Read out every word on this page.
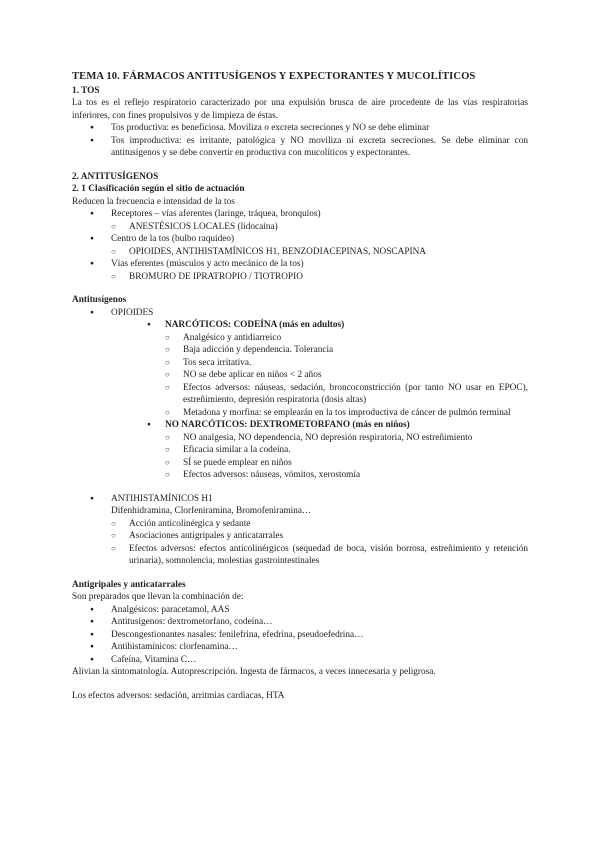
TEMA 10. FÁRMACOS ANTITUSÍGENOS Y EXPECTORANTES Y MUCOLÍTICOS
1. TOS
La tos es el reflejo respiratorio caracterizado por una expulsión brusca de aire procedente de las vías respiratorias inferiores, con fines propulsivos y de limpieza de éstas.
● Tos productiva: es beneficiosa. Moviliza o excreta secreciones y NO se debe eliminar
● Tos improductiva: es irritante, patológica y NO moviliza ni excreta secreciones. Se debe eliminar con antitusígenos y se debe convertir en productiva con mucolíticos y expectorantes.
2. ANTITUSÍGENOS
2. 1 Clasificación según el sitio de actuación
Reducen la frecuencia e intensidad de la tos
● Receptores – vías aferentes (laringe, tráquea, bronquios)
○ ANESTÉSICOS LOCALES (lidocaína)
● Centro de la tos (bulbo raquídeo)
○ OPIOIDES, ANTIHISTAMÍNICOS H1, BENZODIACEPINAS, NOSCAPINA
● Vías eferentes (músculos y acto mecánico de la tos)
○ BROMURO DE IPRATROPIO / TIOTROPIO
Antitusígenos
● OPIOIDES
● NARCÓTICOS: CODEÍNA (más en adultos)
○ Analgésico y antidiarreico
○ Baja adicción y dependencia. Tolerancia
○ Tos seca irritativa.
○ NO se debe aplicar en niños < 2 años
○ Efectos adversos: náuseas, sedación, broncoconstricción (por tanto NO usar en EPOC), estreñimiento, depresión respiratoria (dosis altas)
○ Metadona y morfina: se emplearán en la tos improductiva de cáncer de pulmón terminal
● NO NARCÓTICOS: DEXTROMETORFANO (más en niños)
○ NO analgesia, NO dependencia, NO depresión respiratoria, NO estreñimiento
○ Eficacia similar a la codeína.
○ SÍ se puede emplear en niños
○ Efectos adversos: náuseas, vómitos, xerostomía
● ANTIHISTAMÍNICOS H1
Difenhidramina, Clorfeniramina, Bromofeniramina…
○ Acción anticolinérgica y sedante
○ Asociaciones antigripales y anticatarrales
○ Efectos adversos: efectos anticolinérgicos (sequedad de boca, visión borrosa, estreñimiento y retención urinaria), somnolencia, molestias gastrointestinales
Antigripales y anticatarrales
Son preparados que llevan la combinación de:
● Analgésicos: paracetamol, AAS
● Antitusígenos: dextrometorfano, codeína…
● Descongestionantes nasales: fenilefrina, efedrina, pseudoefedrina…
● Antihistamínicos: clorfenamina…
● Cafeína, Vitamina C…
Alivian la sintomatología. Autoprescripción. Ingesta de fármacos, a veces innecesaria y peligrosa.
Los efectos adversos: sedación, arritmias cardiacas, HTA
